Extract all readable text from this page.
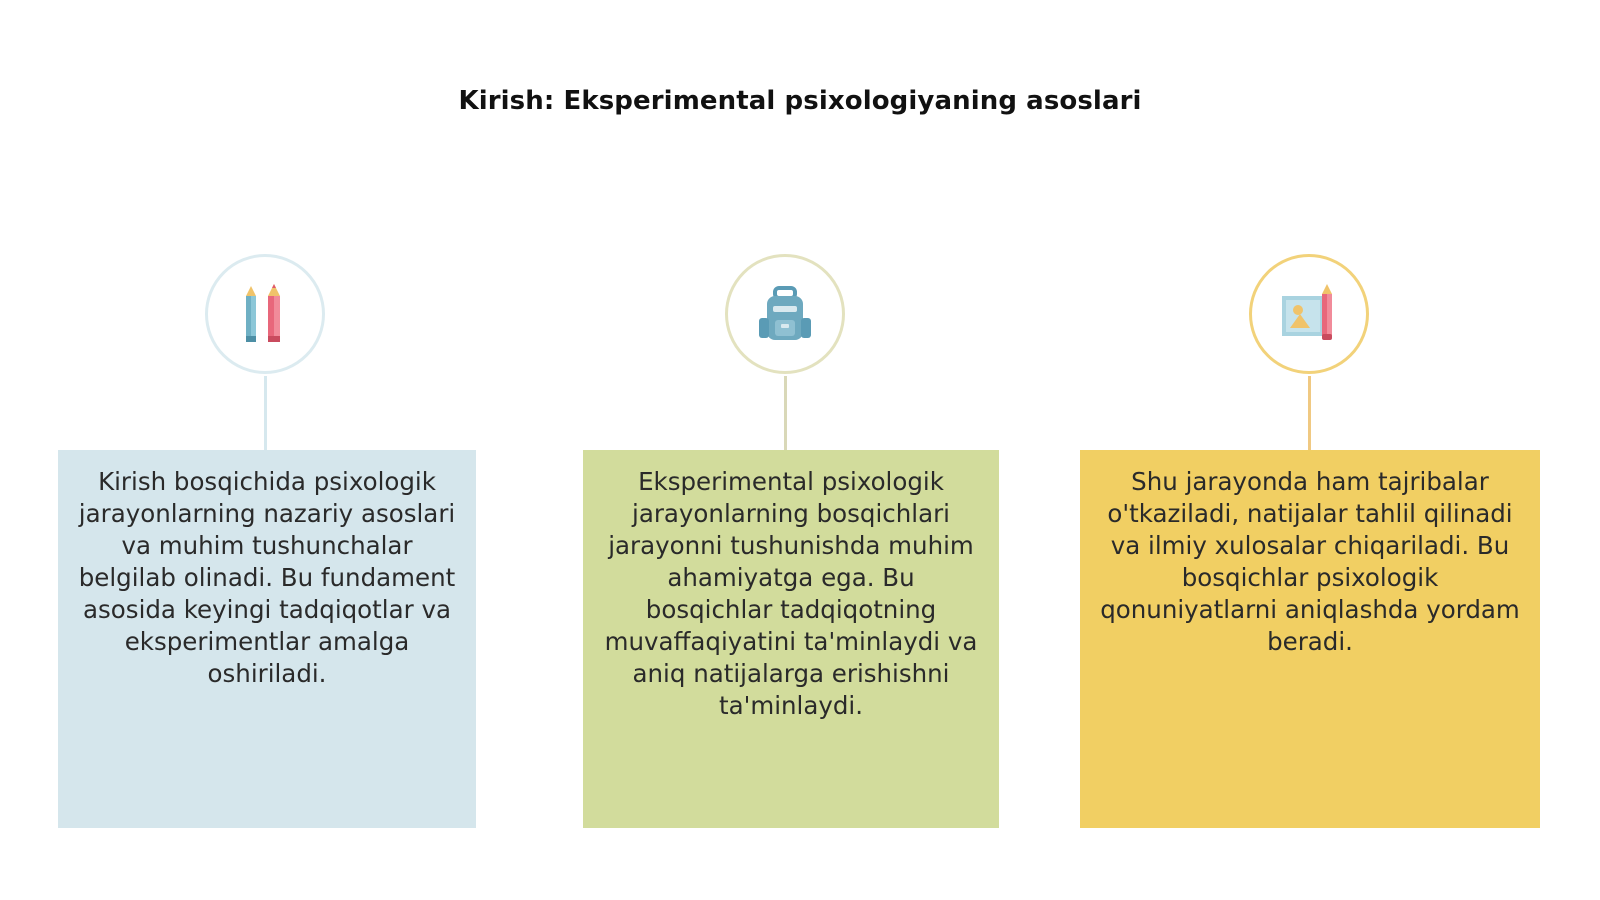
Kirish: Eksperimental psixologiyaning asoslari
Kirish bosqichida psixologik jarayonlarning nazariy asoslari va muhim tushunchalar belgilab olinadi. Bu fundament asosida keyingi tadqiqotlar va eksperimentlar amalga oshiriladi.
Eksperimental psixologik jarayonlarning bosqichlari jarayonni tushunishda muhim ahamiyatga ega. Bu bosqichlar tadqiqotning muvaffaqiyatini ta'minlaydi va aniq natijalarga erishishni ta'minlaydi.
Shu jarayonda ham tajribalar o'tkaziladi, natijalar tahlil qilinadi va ilmiy xulosalar chiqariladi. Bu bosqichlar psixologik qonuniyatlarni aniqlashda yordam beradi.
